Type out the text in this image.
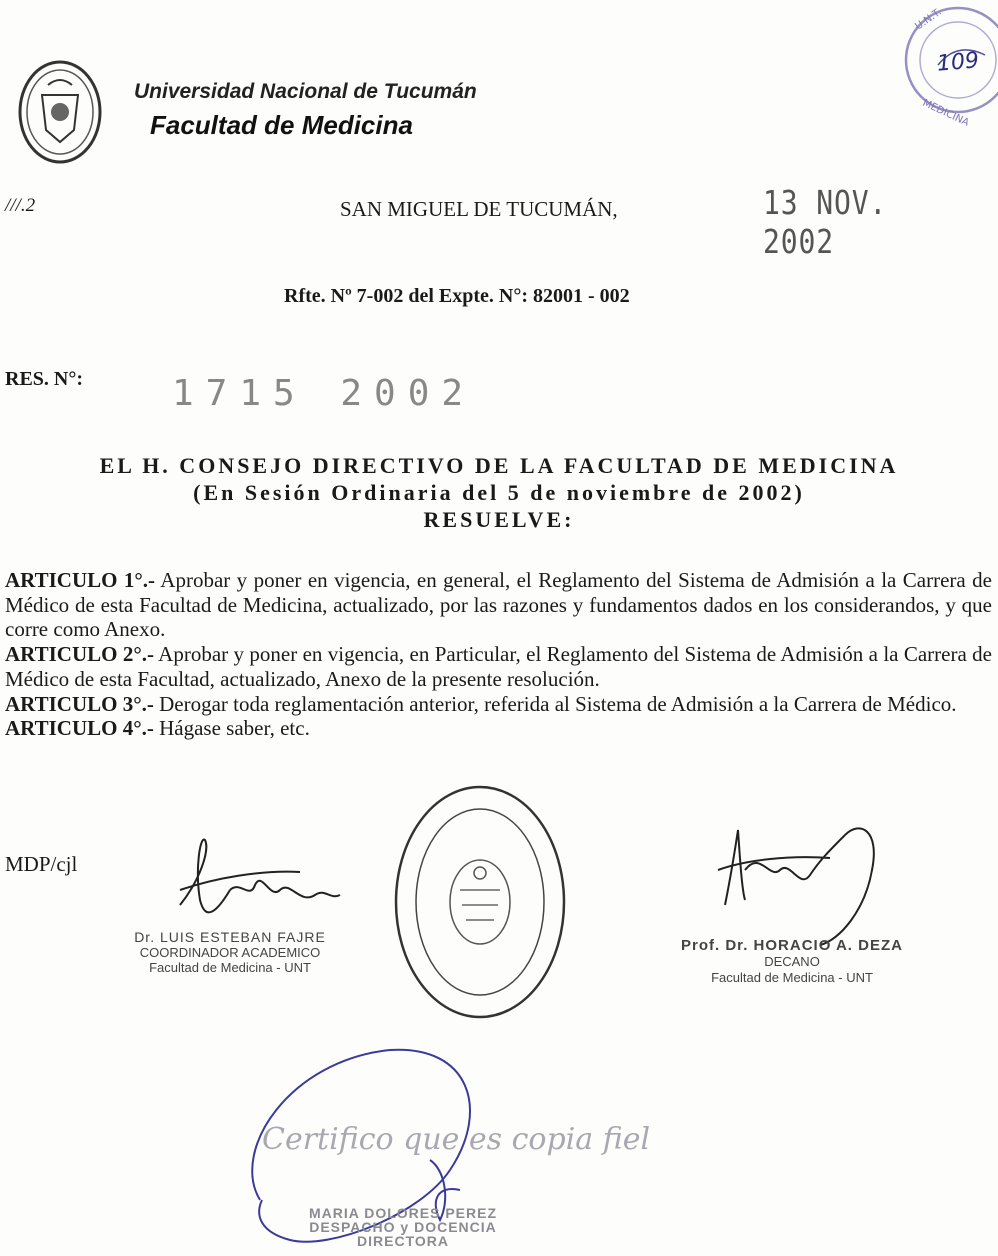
U.N.T.
MEDICINA
Universidad Nacional de Tucumán
Facultad de Medicina
109
///.2	SAN MIGUEL DE TUCUMÁN,	13 NOV. 2002
Rfte. Nº 7-002 del Expte. N°: 82001 - 002
RES. N°: 1715 2002
EL H. CONSEJO DIRECTIVO DE LA FACULTAD DE MEDICINA
(En Sesión Ordinaria del 5 de noviembre de 2002)
RESUELVE:

ARTICULO 1°.- Aprobar y poner en vigencia, en general, el Reglamento del Sistema de Admisión a la Carrera de Médico de esta Facultad de Medicina, actualizado, por las razones y fundamentos dados en los considerandos, y que corre como Anexo.

ARTICULO 2°.- Aprobar y poner en vigencia, en Particular, el Reglamento del Sistema de Admisión a la Carrera de Médico de esta Facultad, actualizado, Anexo de la presente resolución.

ARTICULO 3°.- Derogar toda reglamentación anterior, referida al Sistema de Admisión a la Carrera de Médico.

ARTICULO 4°.- Hágase saber, etc.

MDP/cjl
Dr. LUIS ESTEBAN FAJRE
COORDINADOR ACADEMICO
Facultad de Medicina - UNT
Prof. Dr. HORACIO A. DEZA
DECANO
Facultad de Medicina - UNT
Certifico que es copia fiel
MARIA DOLORES PEREZ
DESPACHO y DOCENCIA
DIRECTORA
